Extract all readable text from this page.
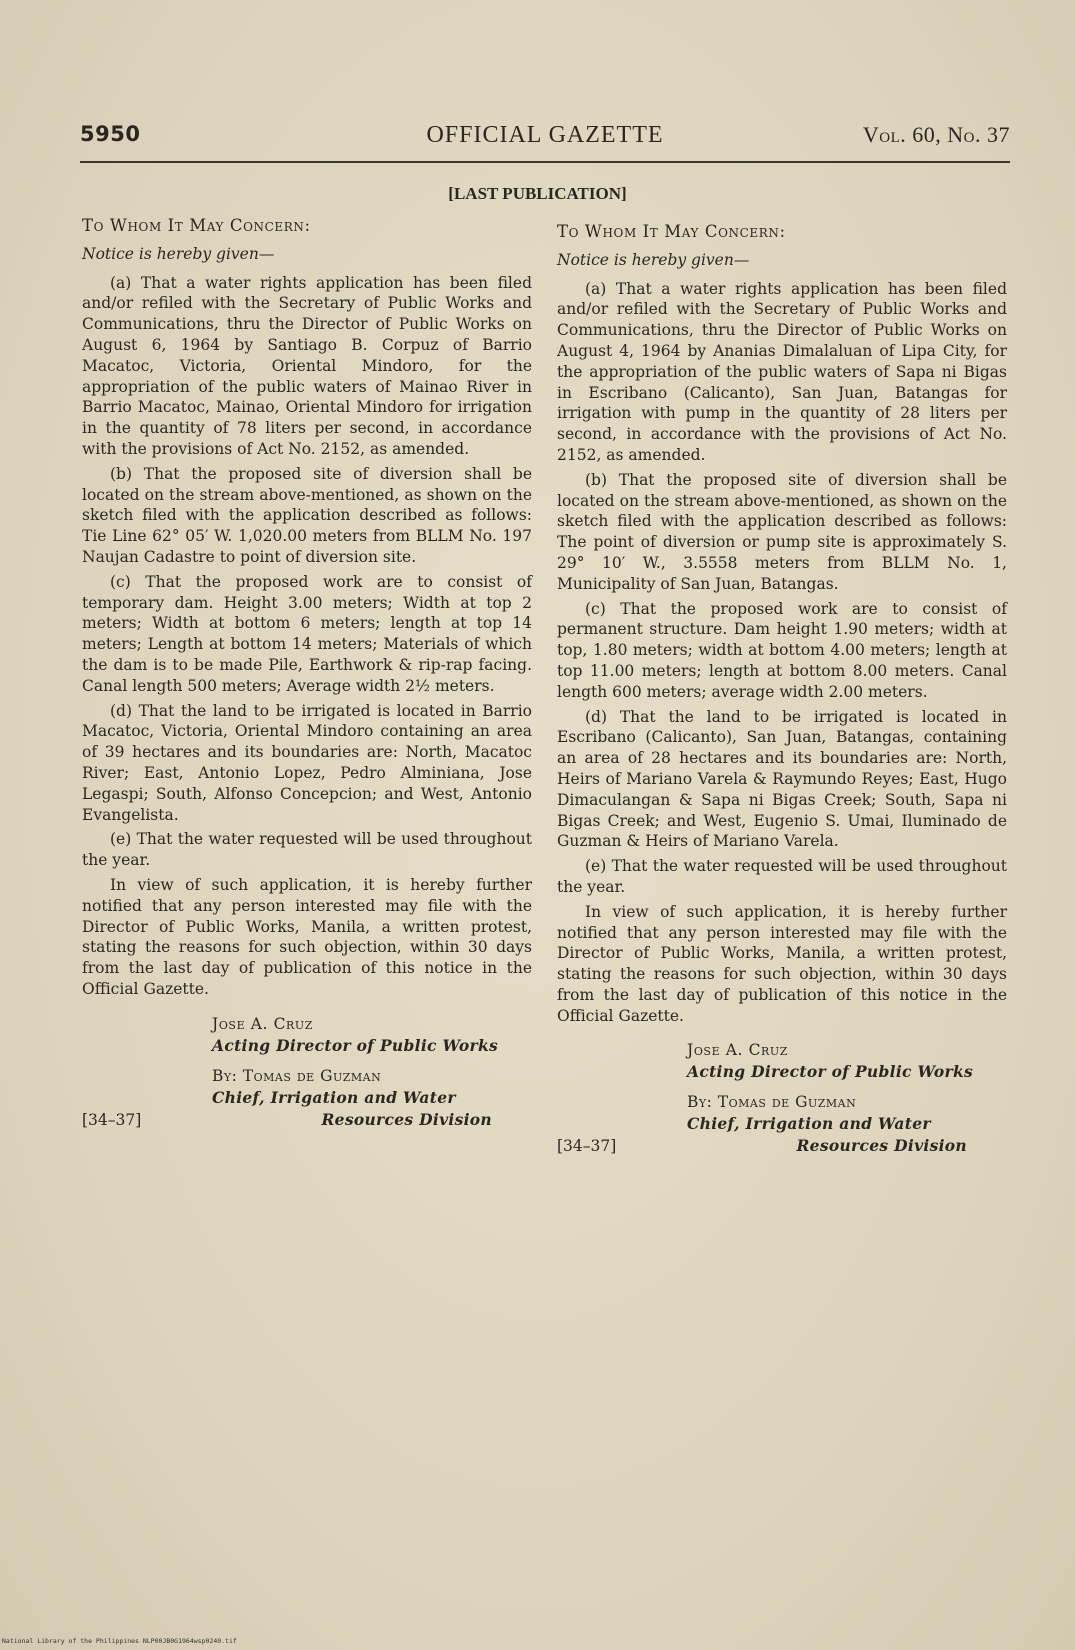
5950	OFFICIAL GAZETTE	Vol. 60, No. 37
[LAST PUBLICATION]

To Whom It May Concern:

Notice is hereby given—

(a) That a water rights application has been filed and/or refiled with the Secretary of Public Works and Communications, thru the Director of Public Works on August 6, 1964 by Santiago B. Corpuz of Barrio Macatoc, Victoria, Oriental Mindoro, for the appropriation of the public waters of Mainao River in Barrio Macatoc, Mainao, Oriental Mindoro for irrigation in the quantity of 78 liters per second, in accordance with the provisions of Act No. 2152, as amended.

(b) That the proposed site of diversion shall be located on the stream above-mentioned, as shown on the sketch filed with the application described as follows: Tie Line 62° 05′ W. 1,020.00 meters from BLLM No. 197 Naujan Cadastre to point of diversion site.

(c) That the proposed work are to consist of temporary dam. Height 3.00 meters; Width at top 2 meters; Width at bottom 6 meters; length at top 14 meters; Length at bottom 14 meters; Materials of which the dam is to be made Pile, Earthwork & rip-rap facing. Canal length 500 meters; Average width 2½ meters.

(d) That the land to be irrigated is located in Barrio Macatoc, Victoria, Oriental Mindoro containing an area of 39 hectares and its boundaries are: North, Macatoc River; East, Antonio Lopez, Pedro Alminiana, Jose Legaspi; South, Alfonso Concepcion; and West, Antonio Evangelista.

(e) That the water requested will be used throughout the year.

In view of such application, it is hereby further notified that any person interested may file with the Director of Public Works, Manila, a written protest, stating the reasons for such objection, within 30 days from the last day of publication of this notice in the Official Gazette.

Jose A. Cruz
Acting Director of Public Works
By: Tomas de Guzman
Chief, Irrigation and Water
[34–37]	Resources Division

To Whom It May Concern:

Notice is hereby given—

(a) That a water rights application has been filed and/or refiled with the Secretary of Public Works and Communications, thru the Director of Public Works on August 4, 1964 by Ananias Dimalaluan of Lipa City, for the appropriation of the public waters of Sapa ni Bigas in Escribano (Calicanto), San Juan, Batangas for irrigation with pump in the quantity of 28 liters per second, in accordance with the provisions of Act No. 2152, as amended.

(b) That the proposed site of diversion shall be located on the stream above-mentioned, as shown on the sketch filed with the application described as follows: The point of diversion or pump site is approximately S. 29° 10′ W., 3.5558 meters from BLLM No. 1, Municipality of San Juan, Batangas.

(c) That the proposed work are to consist of permanent structure. Dam height 1.90 meters; width at top, 1.80 meters; width at bottom 4.00 meters; length at top 11.00 meters; length at bottom 8.00 meters. Canal length 600 meters; average width 2.00 meters.

(d) That the land to be irrigated is located in Escribano (Calicanto), San Juan, Batangas, containing an area of 28 hectares and its boundaries are: North, Heirs of Mariano Varela & Raymundo Reyes; East, Hugo Dimaculangan & Sapa ni Bigas Creek; South, Sapa ni Bigas Creek; and West, Eugenio S. Umai, Iluminado de Guzman & Heirs of Mariano Varela.

(e) That the water requested will be used throughout the year.

In view of such application, it is hereby further notified that any person interested may file with the Director of Public Works, Manila, a written protest, stating the reasons for such objection, within 30 days from the last day of publication of this notice in the Official Gazette.

Jose A. Cruz
Acting Director of Public Works
By: Tomas de Guzman
Chief, Irrigation and Water
[34–37]	Resources Division
National Library of the Philippines NLP00JB0G1964wsp0240.tif
